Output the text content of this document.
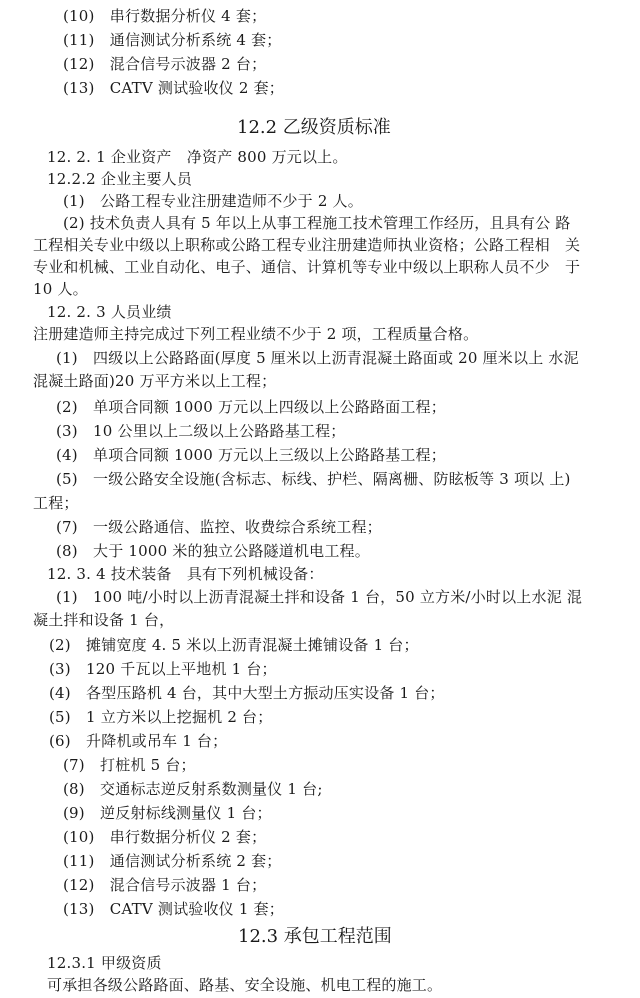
(10)　串行数据分析仪 4 套；
(11)　通信测试分析系统 4 套；
(12)　混合信号示波器 2 台；
(13)　CATV 测试验收仪 2 套；
12.2 乙级资质标准
12. 2. 1 企业资产　净资产 800 万元以上。
12.2.2 企业主要人员
(1)　公路工程专业注册建造师不少于 2 人。
(2) 技术负责人具有 5 年以上从事工程施工技术管理工作经历，且具有公 路
工程相关专业中级以上职称或公路工程专业注册建造师执业资格；公路工程相　关
专业和机械、工业自动化、电子、通信、计算机等专业中级以上职称人员不少　于
10 人。
12. 2. 3 人员业绩
注册建造师主持完成过下列工程业绩不少于 2 项，工程质量合格。
(1)　四级以上公路路面(厚度 5 厘米以上沥青混凝土路面或 20 厘米以上 水泥
混凝土路面)20 万平方米以上工程；
(2)　单项合同额 1000 万元以上四级以上公路路面工程；
(3)　10 公里以上二级以上公路路基工程；
(4)　单项合同额 1000 万元以上三级以上公路路基工程；
(5)　一级公路安全设施(含标志、标线、护栏、隔离栅、防眩板等 3 项以 上)
工程；
(7)　一级公路通信、监控、收费综合系统工程；
(8)　大于 1000 米的独立公路隧道机电工程。
12. 3. 4 技术装备　具有下列机械设备：
(1)　100 吨/小时以上沥青混凝土拌和设备 1 台，50 立方米/小时以上水泥 混
凝土拌和设备 1 台，
(2)　摊铺宽度 4. 5 米以上沥青混凝土摊铺设备 1 台；
(3)　120 千瓦以上平地机 1 台；
(4)　各型压路机 4 台，其中大型土方振动压实设备 1 台；
(5)　1 立方米以上挖掘机 2 台；
(6)　升降机或吊车 1 台；
(7)　打桩机 5 台；
(8)　交通标志逆反射系数测量仪 1 台;
(9)　逆反射标线测量仪 1 台；
(10)　串行数据分析仪 2 套；
(11)　通信测试分析系统 2 套；
(12)　混合信号示波器 1 台；
(13)　CATV 测试验收仪 1 套；
12.3 承包工程范围
12.3.1 甲级资质
可承担各级公路路面、路基、安全设施、机电工程的施工。
